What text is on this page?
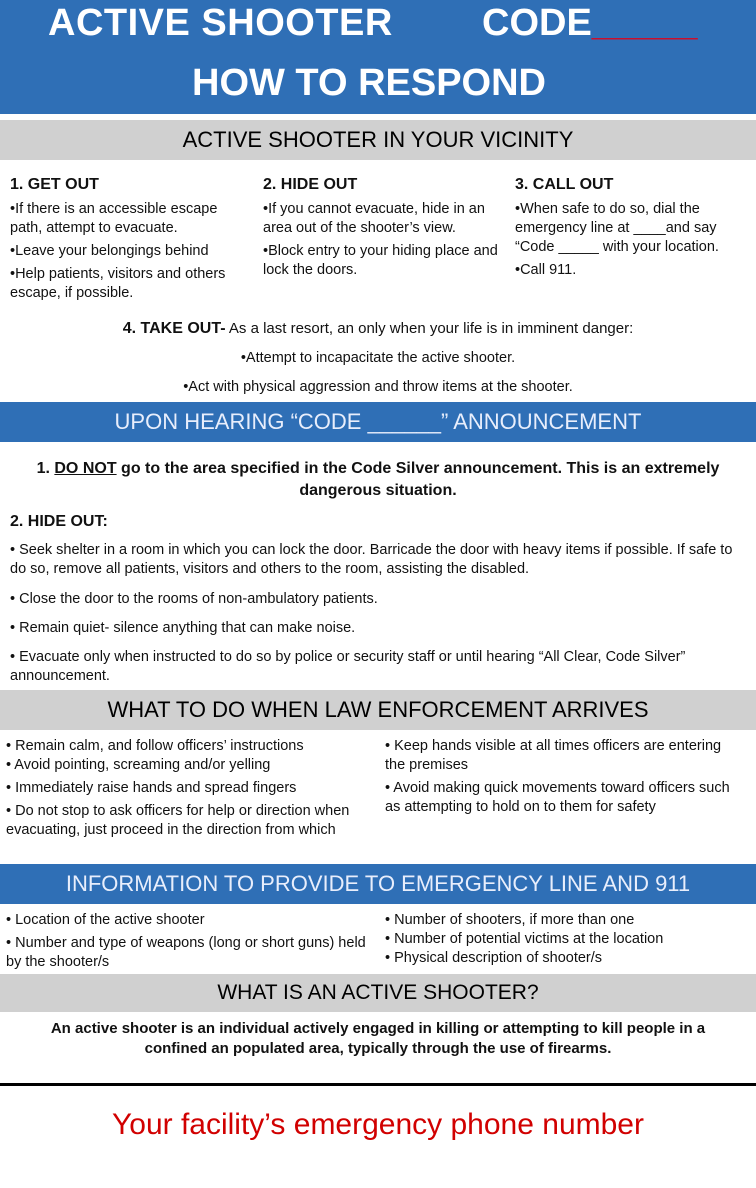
ACTIVE SHOOTER CODE_____
HOW TO RESPOND
ACTIVE SHOOTER IN YOUR VICINITY
1. GET OUT

•If there is an accessible escape path, attempt to evacuate.

•Leave your belongings behind

•Help patients, visitors and others escape, if possible.

2. HIDE OUT

•If you cannot evacuate, hide in an area out of the shooter’s view.

•Block entry to your hiding place and lock the doors.

3. CALL OUT

•When safe to do so, dial the emergency line at ____and say “Code _____ with your location.

•Call 911.

4. TAKE OUT- As a last resort, an only when your life is in imminent danger:
•Attempt to incapacitate the active shooter.
•Act with physical aggression and throw items at the shooter.
UPON HEARING “CODE ______” ANNOUNCEMENT
1. DO NOT go to the area specified in the Code Silver announcement. This is an extremely dangerous situation.
2. HIDE OUT:
• Seek shelter in a room in which you can lock the door. Barricade the door with heavy items if possible. If safe to do so, remove all patients, visitors and others to the room, assisting the disabled.
• Close the door to the rooms of non-ambulatory patients.
• Remain quiet- silence anything that can make noise.
• Evacuate only when instructed to do so by police or security staff or until hearing “All Clear, Code Silver” announcement.
WHAT TO DO WHEN LAW ENFORCEMENT ARRIVES
• Remain calm, and follow officers’ instructions

• Avoid pointing, screaming and/or yelling

• Immediately raise hands and spread fingers

• Do not stop to ask officers for help or direction when evacuating, just proceed in the direction from which

• Keep hands visible at all times officers are entering the premises

• Avoid making quick movements toward officers such as attempting to hold on to them for safety

INFORMATION TO PROVIDE TO EMERGENCY LINE AND 911

• Location of the active shooter

• Number and type of weapons (long or short guns) held by the shooter/s

• Number of shooters, if more than one

• Number of potential victims at the location

• Physical description of shooter/s

WHAT IS AN ACTIVE SHOOTER?
An active shooter is an individual actively engaged in killing or attempting to kill people in a confined an populated area, typically through the use of firearms.
Your facility’s emergency phone number
